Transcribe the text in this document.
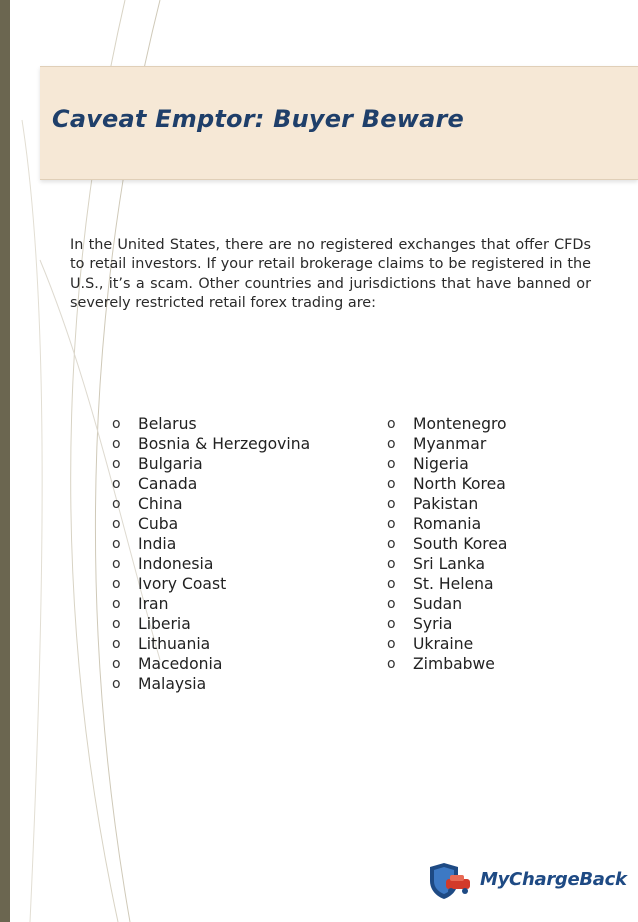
Caveat Emptor: Buyer Beware

In the United States, there are no registered exchanges that offer CFDs to retail investors. If your retail brokerage claims to be registered in the U.S., it’s a scam. Other countries and jurisdictions that have banned or severely restricted retail forex trading are:

o	Belarus
o	Bosnia & Herzegovina
o	Bulgaria
o	Canada
o	China
o	Cuba
o	India
o	Indonesia
o	Ivory Coast
o	Iran
o	Liberia
o	Lithuania
o	Macedonia
o	Malaysia
o	Montenegro
o	Myanmar
o	Nigeria
o	North Korea
o	Pakistan
o	Romania
o	South Korea
o	Sri Lanka
o	St. Helena
o	Sudan
o	Syria
o	Ukraine
o	Zimbabwe
MyChargeBack
